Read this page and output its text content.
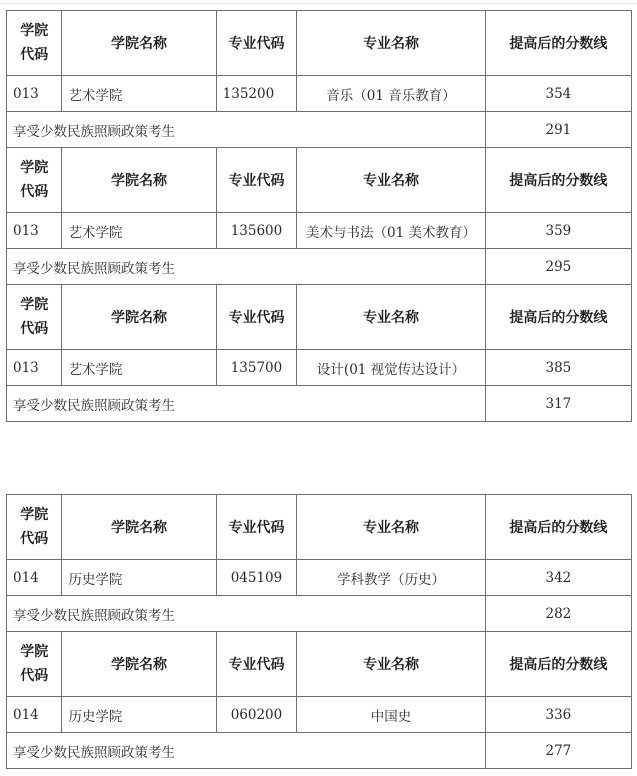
学院
代码	学院名称	专业代码	专业名称	提高后的分数线
013	艺术学院	135200	音乐（01 音乐教育）	354
享受少数民族照顾政策考生				291
学院
代码	学院名称	专业代码	专业名称	提高后的分数线
013	艺术学院	135600	美术与书法（01 美术教育）	359
享受少数民族照顾政策考生				295
学院
代码	学院名称	专业代码	专业名称	提高后的分数线
013	艺术学院	135700	设计(01 视觉传达设计）	385
享受少数民族照顾政策考生				317
学院
代码	学院名称	专业代码	专业名称	提高后的分数线
014	历史学院	045109	学科教学（历史）	342
享受少数民族照顾政策考生				282
学院
代码	学院名称	专业代码	专业名称	提高后的分数线
014	历史学院	060200	中国史	336
享受少数民族照顾政策考生				277
